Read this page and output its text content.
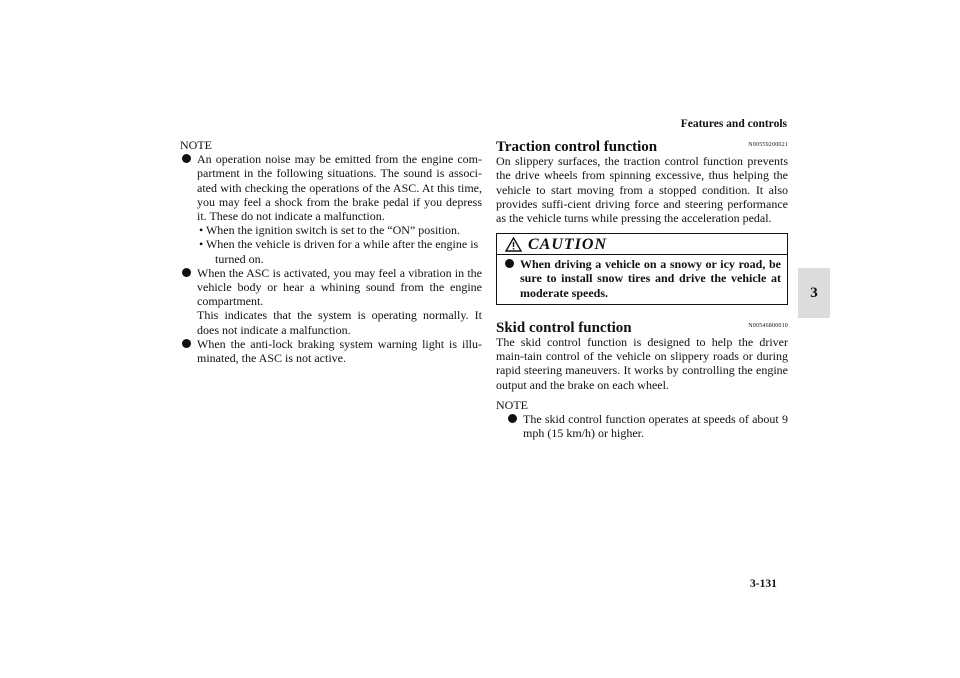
Features and controls
3
3-131
NOTE
An operation noise may be emitted from the engine com-partment in the following situations. The sound is associ-ated with checking the operations of the ASC. At this time, you may feel a shock from the brake pedal if you depress it. These do not indicate a malfunction.
• When the ignition switch is set to the “ON” position.
• When the vehicle is driven for a while after the engine is
turned on.
When the ASC is activated, you may feel a vibration in the vehicle body or hear a whining sound from the engine compartment.
This indicates that the system is operating normally. It does not indicate a malfunction.
When the anti-lock braking system warning light is illu-minated, the ASC is not active.
Traction control function	N00559200021
On slippery surfaces, the traction control function prevents the drive wheels from spinning excessive, thus helping the vehicle to start moving from a stopped condition. It also provides suffi-cient driving force and steering performance as the vehicle turns while pressing the acceleration pedal.
CAUTION
When driving a vehicle on a snowy or icy road, be sure to install snow tires and drive the vehicle at moderate speeds.
Skid control function	N00546800010
The skid control function is designed to help the driver main-tain control of the vehicle on slippery roads or during rapid steering maneuvers. It works by controlling the engine output and the brake on each wheel.
NOTE
The skid control function operates at speeds of about 9 mph (15 km/h) or higher.
